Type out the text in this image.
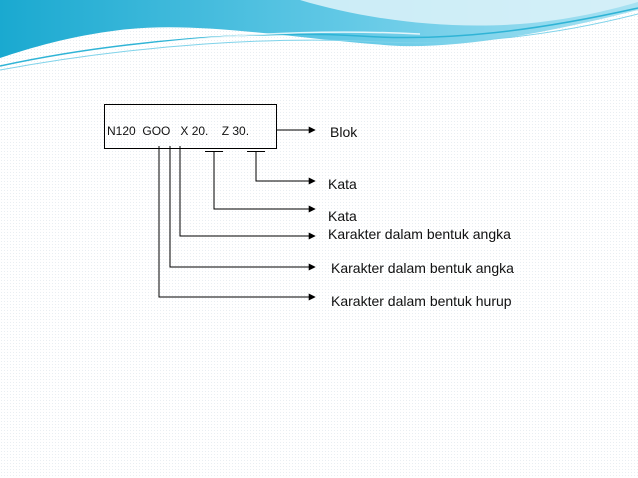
N120  GOO   X 20.    Z 30.	Blok
Kata
Kata
Karakter dalam bentuk angka
Karakter dalam bentuk angka
Karakter dalam bentuk hurup
